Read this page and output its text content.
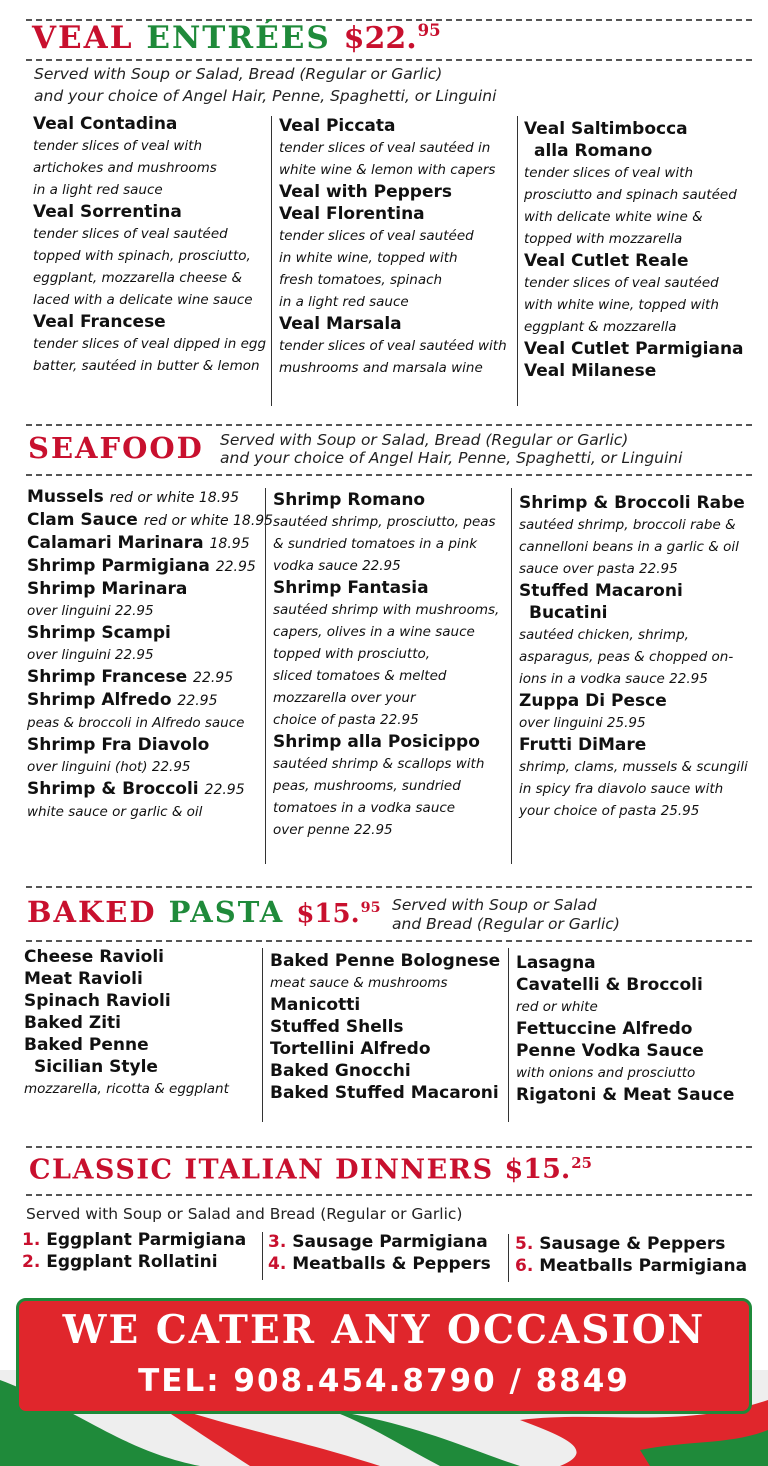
VEAL ENTRÉES $22.95
Served with Soup or Salad, Bread (Regular or Garlic)
and your choice of Angel Hair, Penne, Spaghetti, or Linguini
Veal Contadina
tender slices of veal with
artichokes and mushrooms
in a light red sauce
Veal Sorrentina
tender slices of veal sautéed
topped with spinach, prosciutto,
eggplant, mozzarella cheese &
laced with a delicate wine sauce
Veal Francese
tender slices of veal dipped in egg
batter, sautéed in butter & lemon
Veal Piccata
tender slices of veal sautéed in
white wine & lemon with capers
Veal with Peppers
Veal Florentina
tender slices of veal sautéed
in white wine, topped with
fresh tomatoes, spinach
in a light red sauce
Veal Marsala
tender slices of veal sautéed with
mushrooms and marsala wine
Veal Saltimbocca
alla Romano
tender slices of veal with
prosciutto and spinach sautéed
with delicate white wine &
topped with mozzarella
Veal Cutlet Reale
tender slices of veal sautéed
with white wine, topped with
eggplant & mozzarella
Veal Cutlet Parmigiana
Veal Milanese
SEAFOOD Served with Soup or Salad, Bread (Regular or Garlic)
and your choice of Angel Hair, Penne, Spaghetti, or Linguini
Mussels red or white 18.95
Clam Sauce red or white 18.95
Calamari Marinara 18.95
Shrimp Parmigiana 22.95
Shrimp Marinara
over linguini 22.95
Shrimp Scampi
over linguini 22.95
Shrimp Francese 22.95
Shrimp Alfredo 22.95
peas & broccoli in Alfredo sauce
Shrimp Fra Diavolo
over linguini (hot) 22.95
Shrimp & Broccoli 22.95
white sauce or garlic & oil
Shrimp Romano
sautéed shrimp, prosciutto, peas
& sundried tomatoes in a pink
vodka sauce 22.95
Shrimp Fantasia
sautéed shrimp with mushrooms,
capers, olives in a wine sauce
topped with prosciutto,
sliced tomatoes & melted
mozzarella over your
choice of pasta 22.95
Shrimp alla Posicippo
sautéed shrimp & scallops with
peas, mushrooms, sundried
tomatoes in a vodka sauce
over penne 22.95
Shrimp & Broccoli Rabe
sautéed shrimp, broccoli rabe &
cannelloni beans in a garlic & oil
sauce over pasta 22.95
Stuffed Macaroni
Bucatini
sautéed chicken, shrimp,
asparagus, peas & chopped on-
ions in a vodka sauce 22.95
Zuppa Di Pesce
over linguini 25.95
Frutti DiMare
shrimp, clams, mussels & scungili
in spicy fra diavolo sauce with
your choice of pasta 25.95
BAKED PASTA $15.95 Served with Soup or Salad
and Bread (Regular or Garlic)
Cheese Ravioli
Meat Ravioli
Spinach Ravioli
Baked Ziti
Baked Penne
Sicilian Style
mozzarella, ricotta & eggplant
Baked Penne Bolognese
meat sauce & mushrooms
Manicotti
Stuffed Shells
Tortellini Alfredo
Baked Gnocchi
Baked Stuffed Macaroni
Lasagna
Cavatelli & Broccoli
red or white
Fettuccine Alfredo
Penne Vodka Sauce
with onions and prosciutto
Rigatoni & Meat Sauce
CLASSIC ITALIAN DINNERS $15.25
Served with Soup or Salad and Bread (Regular or Garlic)
1. Eggplant Parmigiana
2. Eggplant Rollatini
3. Sausage Parmigiana
4. Meatballs & Peppers
5. Sausage & Peppers
6. Meatballs Parmigiana
WE CATER ANY OCCASION
TEL: 908.454.8790 / 8849
